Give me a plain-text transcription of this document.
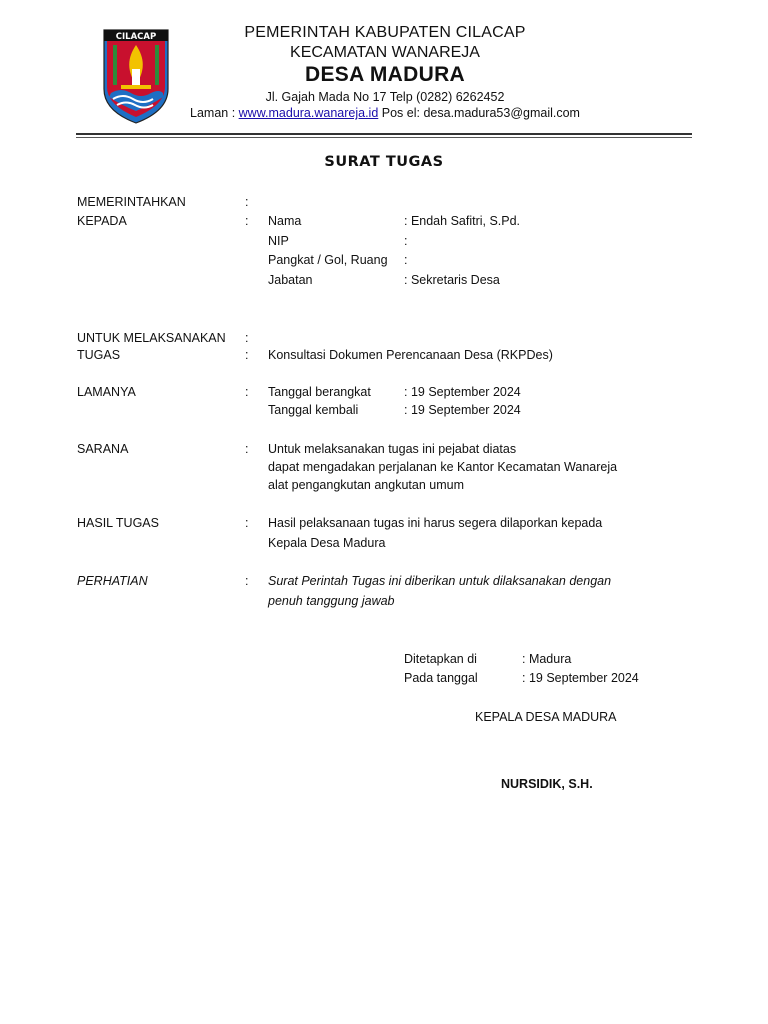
CILACAP	PEMERINTAH KABUPATEN CILACAP
KECAMATAN WANAREJA
DESA MADURA
Jl. Gajah Mada No 17 Telp (0282) 6262452
Laman : www.madura.wanareja.id Pos el: desa.madura53@gmail.com
SURAT TUGAS
MEMERINTAHKAN	:
KEPADA	: Nama	: Endah Safitri, S.Pd.
NIP	:
Pangkat / Gol, Ruang :
Jabatan	: Sekretaris Desa
UNTUK MELAKSANAKAN :
TUGAS	: Konsultasi Dokumen Perencanaan Desa (RKPDes)
LAMANYA	: Tanggal berangkat	: 19 September 2024
Tanggal kembali	: 19 September 2024
SARANA	: Untuk melaksanakan tugas ini pejabat diatas
dapat mengadakan perjalanan ke Kantor Kecamatan Wanareja
alat pengangkutan angkutan umum
HASIL TUGAS	: Hasil pelaksanaan tugas ini harus segera dilaporkan kepada
Kepala Desa Madura
PERHATIAN	: Surat Perintah Tugas ini diberikan untuk dilaksanakan dengan
penuh tanggung jawab
Ditetapkan di	: Madura
Pada tanggal	: 19 September 2024
KEPALA DESA MADURA
NURSIDIK, S.H.
